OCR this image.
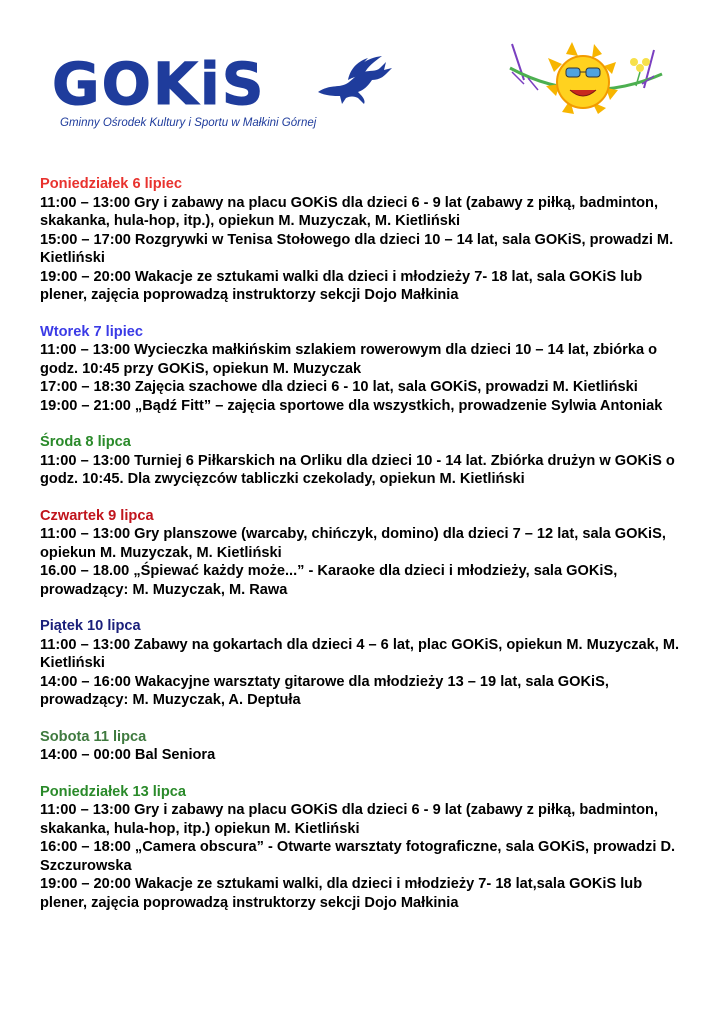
GOKiS
Gminny Ośrodek Kultury i Sportu w Małkini Górnej
Poniedziałek 6 lipiec
11:00 – 13:00 Gry i zabawy na placu GOKiS dla dzieci 6 - 9 lat (zabawy z piłką, badminton, skakanka, hula-hop, itp.), opiekun M. Muzyczak, M. Kietliński
15:00 – 17:00 Rozgrywki w Tenisa Stołowego dla dzieci 10 – 14 lat, sala GOKiS, prowadzi M. Kietliński
19:00 – 20:00 Wakacje ze sztukami walki dla dzieci i młodzieży 7- 18 lat, sala GOKiS lub plener, zajęcia poprowadzą instruktorzy sekcji Dojo Małkinia
Wtorek 7 lipiec
11:00 – 13:00 Wycieczka małkińskim szlakiem rowerowym dla dzieci 10 – 14 lat, zbiórka o godz. 10:45 przy GOKiS, opiekun M. Muzyczak
17:00 – 18:30 Zajęcia szachowe dla dzieci 6 - 10 lat, sala GOKiS, prowadzi M. Kietliński
19:00 – 21:00 „Bądź Fitt” – zajęcia sportowe dla wszystkich, prowadzenie Sylwia Antoniak
Środa 8 lipca
11:00 – 13:00 Turniej 6 Piłkarskich na Orliku dla dzieci 10 - 14 lat. Zbiórka drużyn w GOKiS o godz. 10:45. Dla zwycięzców tabliczki czekolady, opiekun M. Kietliński
Czwartek 9 lipca
11:00 – 13:00 Gry planszowe (warcaby, chińczyk, domino) dla dzieci 7 – 12 lat, sala GOKiS, opiekun M. Muzyczak, M. Kietliński
16.00 – 18.00 „Śpiewać każdy może...” - Karaoke dla dzieci i młodzieży, sala GOKiS, prowadzący: M. Muzyczak, M. Rawa
Piątek 10 lipca
11:00 – 13:00 Zabawy na gokartach dla dzieci 4 – 6 lat, plac GOKiS, opiekun M. Muzyczak, M. Kietliński
14:00 – 16:00 Wakacyjne warsztaty gitarowe dla młodzieży 13 – 19 lat, sala GOKiS, prowadzący: M. Muzyczak, A. Deptuła
Sobota 11 lipca
14:00 – 00:00 Bal Seniora
Poniedziałek 13 lipca
11:00 – 13:00 Gry i zabawy na placu GOKiS dla dzieci 6 - 9 lat (zabawy z piłką, badminton, skakanka, hula-hop, itp.) opiekun M. Kietliński
16:00 – 18:00 „Camera obscura” - Otwarte warsztaty fotograficzne, sala GOKiS, prowadzi D. Szczurowska
19:00 – 20:00 Wakacje ze sztukami walki, dla dzieci i młodzieży 7- 18 lat,sala GOKiS lub plener, zajęcia poprowadzą instruktorzy sekcji Dojo Małkinia
